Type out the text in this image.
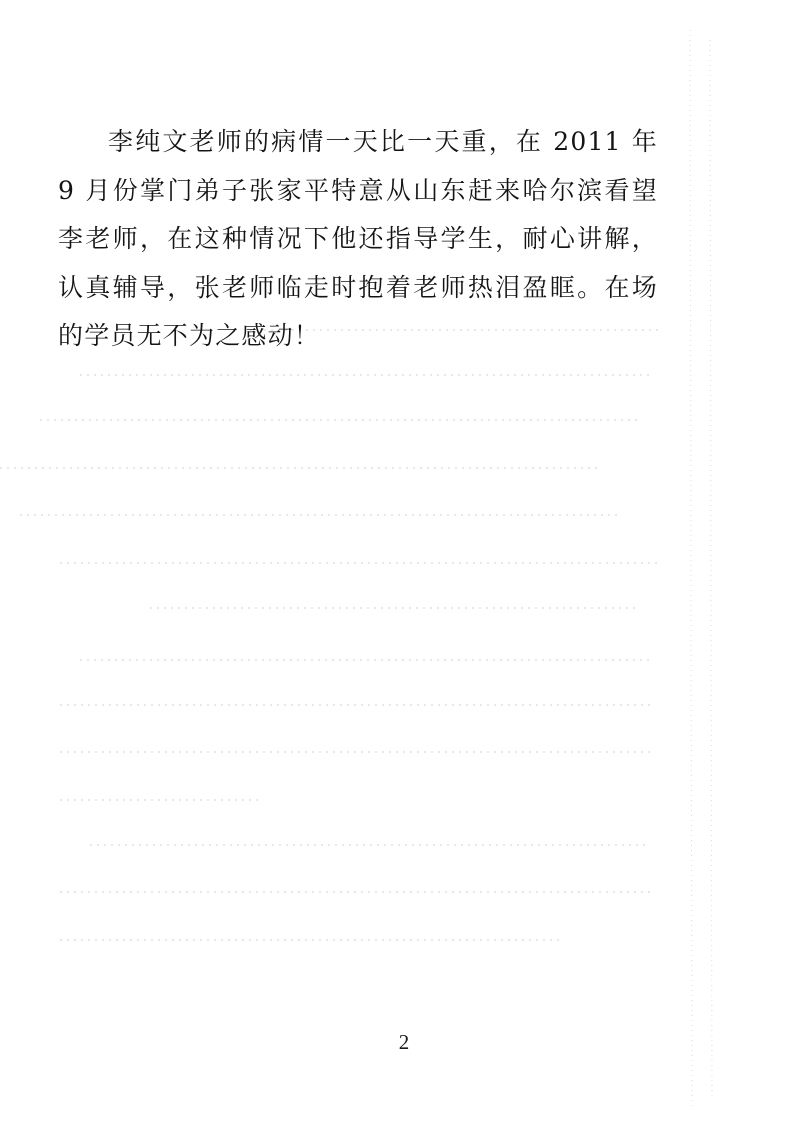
李纯文老师的病情一天比一天重，在 2011 年 9 月份掌门弟子张家平特意从山东赶来哈尔滨看望李老师，在这种情况下他还指导学生，耐心讲解，认真辅导，张老师临走时抱着老师热泪盈眶。在场的学员无不为之感动！

2
